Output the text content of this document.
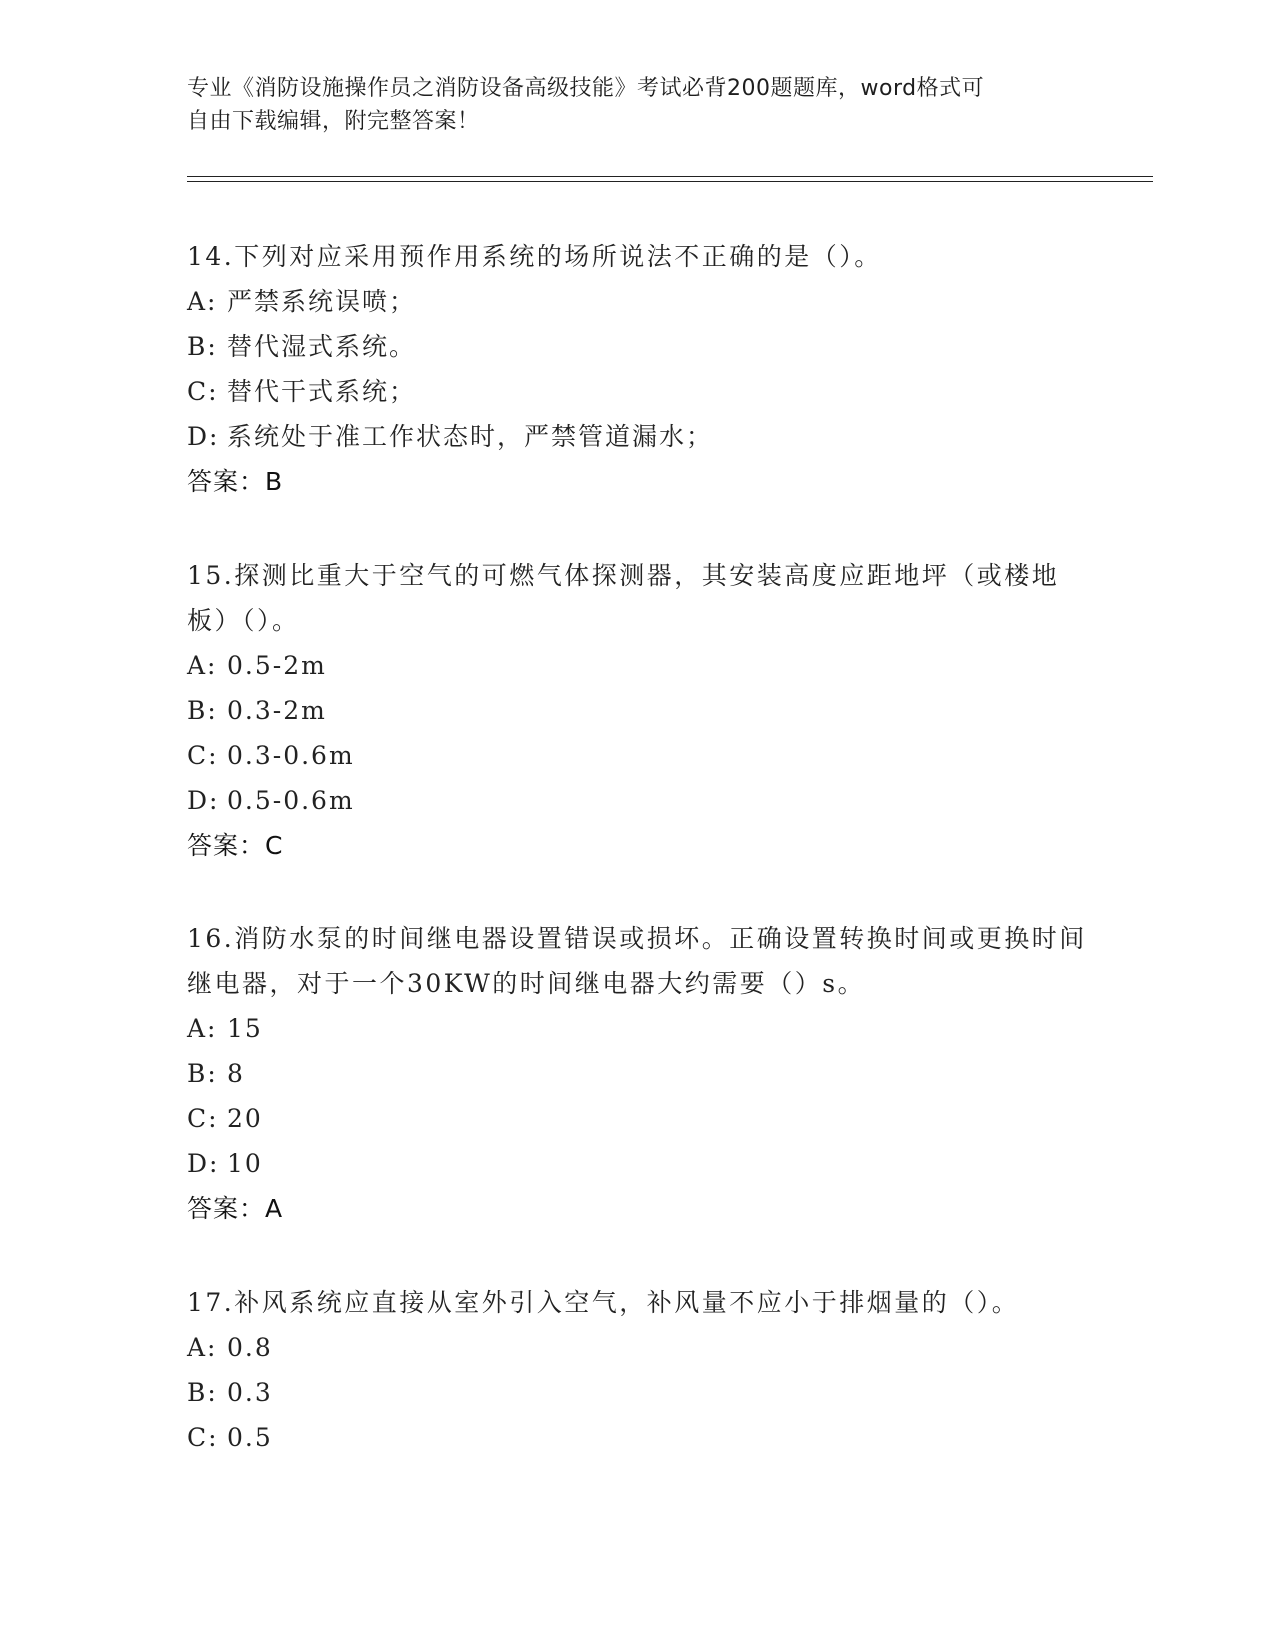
专业《消防设施操作员之消防设备高级技能》考试必背200题题库，word格式可
自由下载编辑，附完整答案！

14.下列对应采用预作用系统的场所说法不正确的是（）。

A: 严禁系统误喷；

B: 替代湿式系统。

C: 替代干式系统；

D: 系统处于准工作状态时，严禁管道漏水；

答案：B

15.探测比重大于空气的可燃气体探测器，其安装高度应距地坪（或楼地板）（）。

A: 0.5-2m

B: 0.3-2m

C: 0.3-0.6m

D: 0.5-0.6m

答案：C

16.消防水泵的时间继电器设置错误或损坏。正确设置转换时间或更换时间继电器，对于一个30KW的时间继电器大约需要（）s。

A: 15

B: 8

C: 20

D: 10

答案：A

17.补风系统应直接从室外引入空气，补风量不应小于排烟量的（）。

A: 0.8

B: 0.3

C: 0.5
